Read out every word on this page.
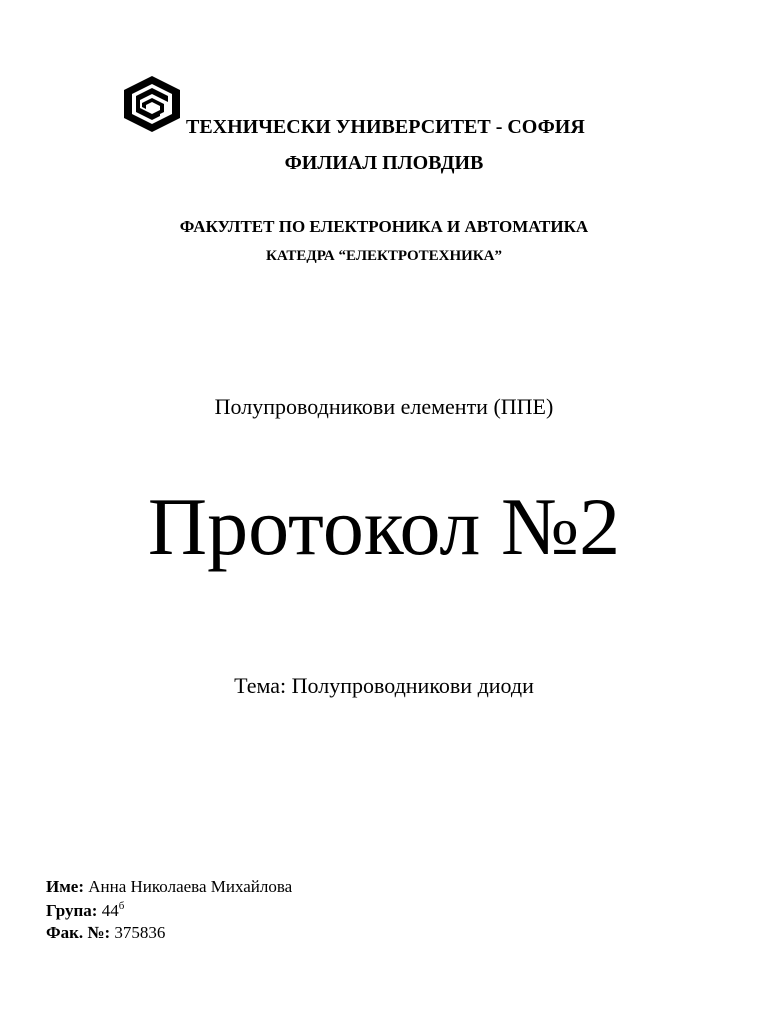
ТЕХНИЧЕСКИ УНИВЕРСИТЕТ - СОФИЯ
ФИЛИАЛ ПЛОВДИВ
ФАКУЛТЕТ ПО ЕЛЕКТРОНИКА И АВТОМАТИКА
КАТЕДРА “ЕЛЕКТРОТЕХНИКА”
Полупроводникови елементи (ППЕ)
Протокол №2
Тема: Полупроводникови диоди
Име: Анна Николаева Михайлова
Група: $44^б$
Фак. №: 375836
